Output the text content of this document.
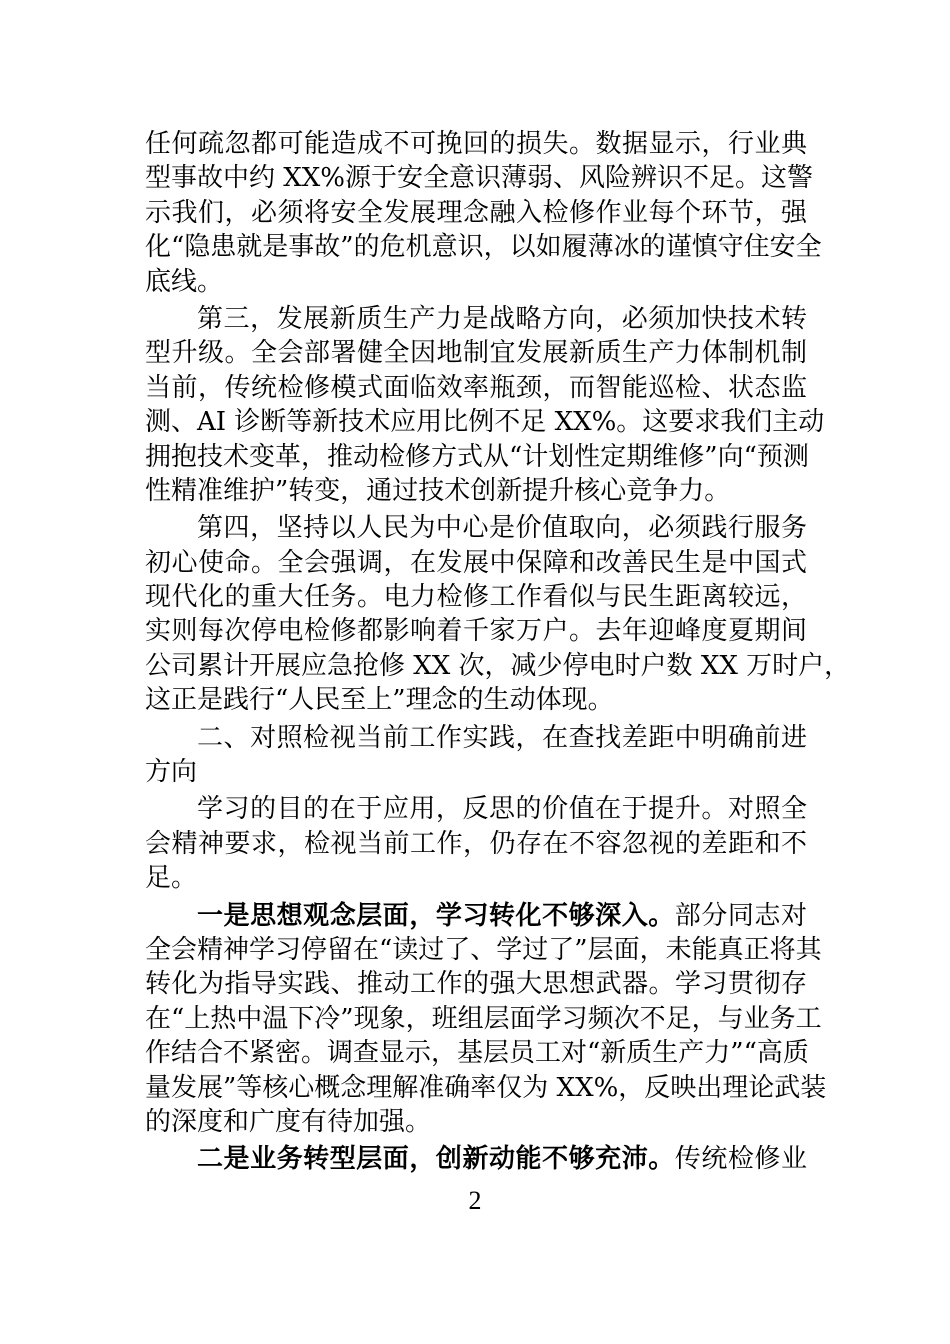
任何疏忽都可能造成不可挽回的损失。数据显示，行业典
型事故中约 XX%源于安全意识薄弱、风险辨识不足。这警
示我们，必须将安全发展理念融入检修作业每个环节，强
化“隐患就是事故”的危机意识，以如履薄冰的谨慎守住安全
底线。
第三，发展新质生产力是战略方向，必须加快技术转
型升级。全会部署健全因地制宜发展新质生产力体制机制
当前，传统检修模式面临效率瓶颈，而智能巡检、状态监
测、AI 诊断等新技术应用比例不足 XX%。这要求我们主动
拥抱技术变革，推动检修方式从“计划性定期维修”向“预测
性精准维护”转变，通过技术创新提升核心竞争力。
第四，坚持以人民为中心是价值取向，必须践行服务
初心使命。全会强调，在发展中保障和改善民生是中国式
现代化的重大任务。电力检修工作看似与民生距离较远，
实则每次停电检修都影响着千家万户。去年迎峰度夏期间
公司累计开展应急抢修 XX 次，减少停电时户数 XX 万时户，
这正是践行“人民至上”理念的生动体现。
二、对照检视当前工作实践，在查找差距中明确前进
方向
学习的目的在于应用，反思的价值在于提升。对照全
会精神要求，检视当前工作，仍存在不容忽视的差距和不
足。
一是思想观念层面，学习转化不够深入。部分同志对
全会精神学习停留在“读过了、学过了”层面，未能真正将其
转化为指导实践、推动工作的强大思想武器。学习贯彻存
在“上热中温下冷”现象，班组层面学习频次不足，与业务工
作结合不紧密。调查显示，基层员工对“新质生产力”“高质
量发展”等核心概念理解准确率仅为 XX%，反映出理论武装
的深度和广度有待加强。
二是业务转型层面，创新动能不够充沛。传统检修业
2
